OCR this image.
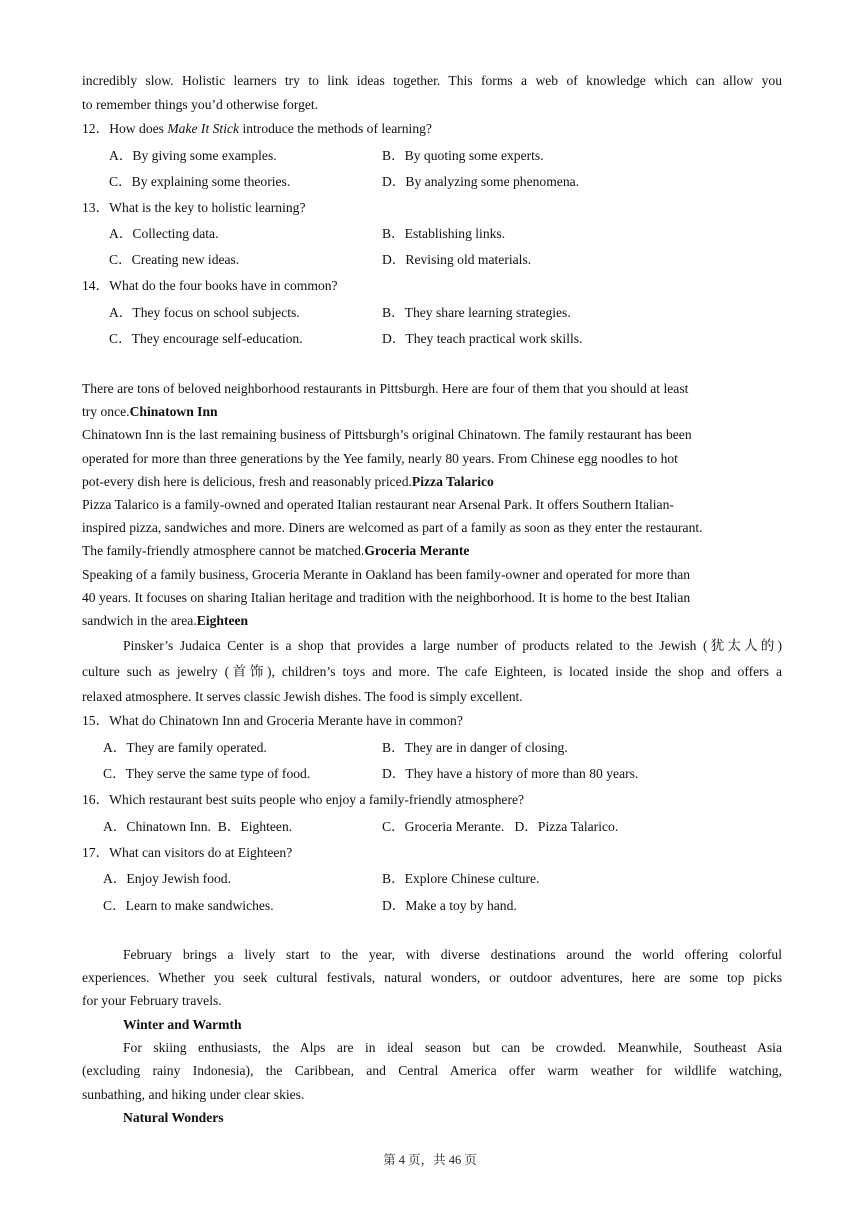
incredibly slow. Holistic learners try to link ideas together. This forms a web of knowledge which can allow you
to remember things you’d otherwise forget.
12．How does Make It Stick introduce the methods of learning?
A．By giving some examples.	B．By quoting some experts.
C．By explaining some theories.	D．By analyzing some phenomena.
13．What is the key to holistic learning?
A．Collecting data.	B．Establishing links.
C．Creating new ideas.	D．Revising old materials.
14．What do the four books have in common?
A．They focus on school subjects.	B．They share learning strategies.
C．They encourage self-education.	D．They teach practical work skills.
There are tons of beloved neighborhood restaurants in Pittsburgh. Here are four of them that you should at least
try once.Chinatown Inn
Chinatown Inn is the last remaining business of Pittsburgh’s original Chinatown. The family restaurant has been
operated for more than three generations by the Yee family, nearly 80 years. From Chinese egg noodles to hot
pot-every dish here is delicious, fresh and reasonably priced.Pizza Talarico
Pizza Talarico is a family-owned and operated Italian restaurant near Arsenal Park. It offers Southern Italian-
inspired pizza, sandwiches and more. Diners are welcomed as part of a family as soon as they enter the restaurant.
The family-friendly atmosphere cannot be matched.Groceria Merante
Speaking of a family business, Groceria Merante in Oakland has been family-owner and operated for more than
40 years. It focuses on sharing Italian heritage and tradition with the neighborhood. It is home to the best Italian
sandwich in the area.Eighteen
Pinsker’s Judaica Center is a shop that provides a large number of products related to the Jewish (犹太人的)
culture such as jewelry (首饰), children’s toys and more. The cafe Eighteen, is located inside the shop and offers a
relaxed atmosphere. It serves classic Jewish dishes. The food is simply excellent.
15．What do Chinatown Inn and Groceria Merante have in common?
A．They are family operated.	B．They are in danger of closing.
C．They serve the same type of food.	D．They have a history of more than 80 years.
16．Which restaurant best suits people who enjoy a family-friendly atmosphere?
A．Chinatown Inn.  B．Eighteen.	C．Groceria Merante.   D．Pizza Talarico.
17．What can visitors do at Eighteen?
A．Enjoy Jewish food.	B．Explore Chinese culture.
C．Learn to make sandwiches.	D．Make a toy by hand.
February brings a lively start to the year, with diverse destinations around the world offering colorful
experiences. Whether you seek cultural festivals, natural wonders, or outdoor adventures, here are some top picks
for your February travels.
Winter and Warmth
For skiing enthusiasts, the Alps are in ideal season but can be crowded. Meanwhile, Southeast Asia
(excluding rainy Indonesia), the Caribbean, and Central America offer warm weather for wildlife watching,
sunbathing, and hiking under clear skies.
Natural Wonders
第 4 页，共 46 页
